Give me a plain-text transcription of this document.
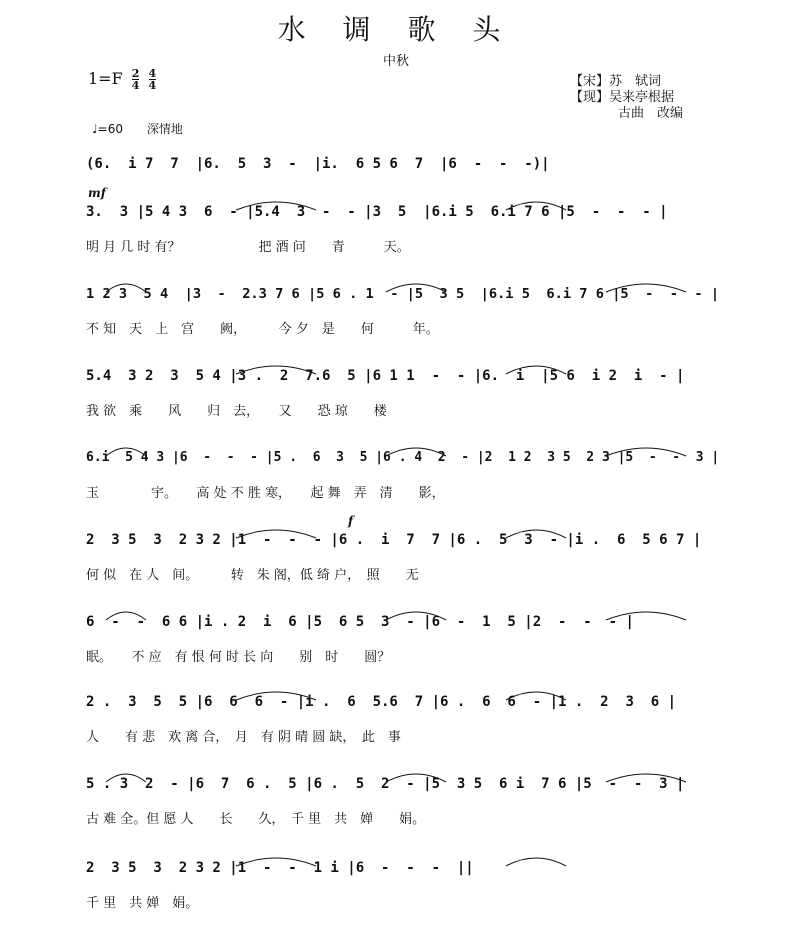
水 调 歌 头
中秋
$1=F \frac{2}{4}$
$\frac{4}{4}$	【宋】苏　轼词
【现】吴来亭根据
古曲　改编
♩=60 深情地
(6.  i 7  7  |6.  5  3  -  |i.  6 5 6  7  |6  -  -  -)|
mf
3.  3 |5 4 3  6  - |5.4  3  -  - |3  5  |6.i 5  6.i 7 6 |5  -  -  - |
明 月 几 时 有？　　　　　　把 酒 问　　青　　　天。
1 2 3  5 4  |3  -  2.3 7 6 |5 6 . 1  - |5  3 5  |6.i 5  6.i 7 6 |5  -  -  - |
不 知　天　上　宫　　阙，　　　今 夕　是　　何　　　年。
5.4  3 2  3  5 4 |3 .  2  7.6  5 |6 1 1  -  - |6.  i  |5 6  i 2  i  - |
我 欲　乘　　风　　归　去，　　又　　恐 琼　　楼
6.i  5 4 3 |6  -  -  - |5 .  6  3  5 |6 . 4  2  - |2  1 2  3 5  2 3 |5  -  -  3 |
玉　　　　宇。　　高 处 不 胜 寒，　　起 舞　弄　清　　影，
f
2  3 5  3  2 3 2 |1  -  -  - |6 .  i  7  7 |6 .  5  3  - |i .  6  5 6 7 |
何 似　在 人　间。　　　转　朱 阁，低 绮 户，　照　　无
6  -  -  6 6 |i . 2  i  6 |5  6 5  3  - |6  -  1  5 |2  -  -  - |
眠。　　不 应　有 恨 何 时 长 向　　别　时　　圆？
2 .  3  5  5 |6  6  6  - |i .  6  5.6  7 |6 .  6  6  - |1 .  2  3  6 |
人　　有 悲　欢 离 合，　月　有 阴 晴 圆 缺，　此　事
5 . 3  2  - |6  7  6 .  5 |6 .  5  2  - |5  3 5  6 i  7 6 |5  -  -  3 |
古 难 全。但 愿 人　　长　　久，　千 里　共　婵　　娟。
2  3 5  3  2 3 2 |1  -  -  1 i |6  -  -  -  ||
千 里　共 婵　娟。
